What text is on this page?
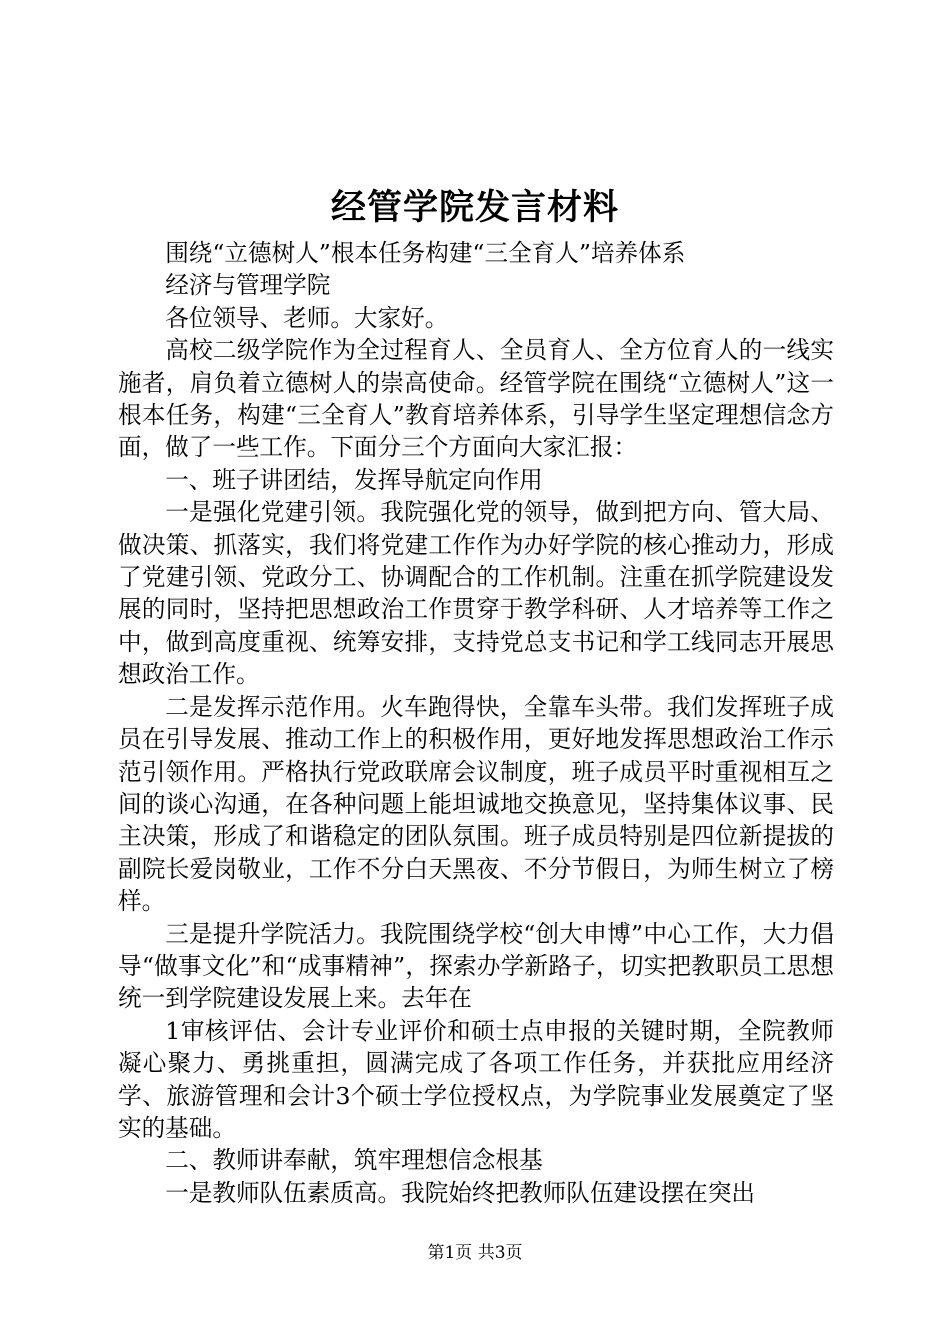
经管学院发言材料

围绕“立德树人”根本任务构建“三全育人”培养体系

经济与管理学院

各位领导、老师。大家好。

高校二级学院作为全过程育人、全员育人、全方位育人的一线实施者，肩负着立德树人的崇高使命。经管学院在围绕“立德树人”这一根本任务，构建“三全育人”教育培养体系，引导学生坚定理想信念方面，做了一些工作。下面分三个方面向大家汇报：

一、班子讲团结，发挥导航定向作用

一是强化党建引领。我院强化党的领导，做到把方向、管大局、做决策、抓落实，我们将党建工作作为办好学院的核心推动力，形成了党建引领、党政分工、协调配合的工作机制。注重在抓学院建设发展的同时，坚持把思想政治工作贯穿于教学科研、人才培养等工作之中，做到高度重视、统筹安排，支持党总支书记和学工线同志开展思想政治工作。

二是发挥示范作用。火车跑得快，全靠车头带。我们发挥班子成员在引导发展、推动工作上的积极作用，更好地发挥思想政治工作示范引领作用。严格执行党政联席会议制度，班子成员平时重视相互之间的谈心沟通，在各种问题上能坦诚地交换意见，坚持集体议事、民主决策，形成了和谐稳定的团队氛围。班子成员特别是四位新提拔的副院长爱岗敬业，工作不分白天黑夜、不分节假日，为师生树立了榜样。

三是提升学院活力。我院围绕学校“创大申博”中心工作，大力倡导“做事文化”和“成事精神”，探索办学新路子，切实把教职员工思想统一到学院建设发展上来。去年在

1审核评估、会计专业评价和硕士点申报的关键时期，全院教师凝心聚力、勇挑重担，圆满完成了各项工作任务，并获批应用经济学、旅游管理和会计3个硕士学位授权点，为学院事业发展奠定了坚实的基础。

二、教师讲奉献，筑牢理想信念根基

一是教师队伍素质高。我院始终把教师队伍建设摆在突出

第1页 共3页
